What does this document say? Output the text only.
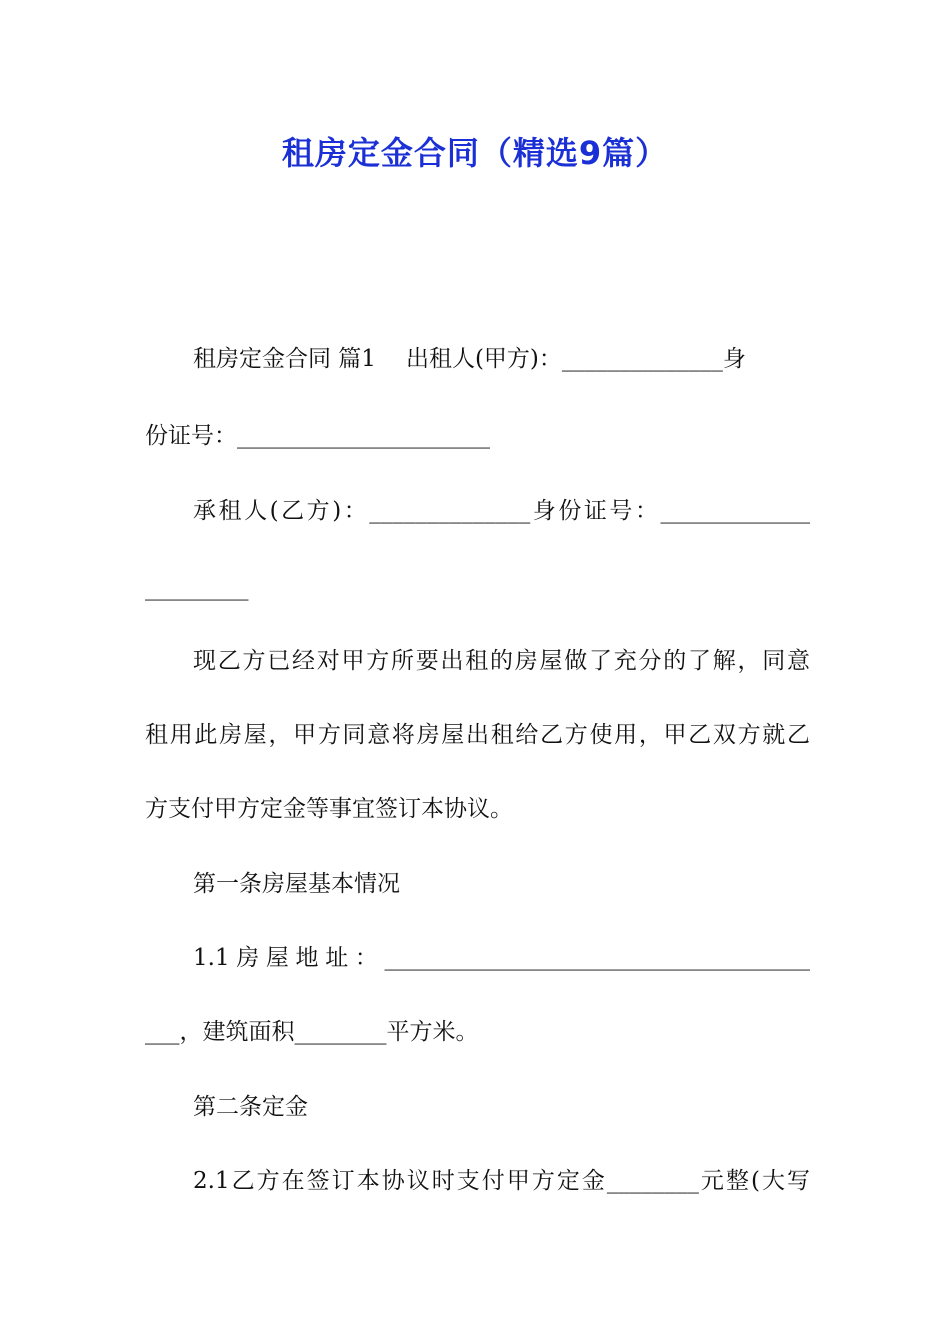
租房定金合同（精选9篇）

租房定金合同 篇1 出租人(甲方)：______________身

份证号：______________________

承租人(乙方)：______________身份证号：_____________

_________

现乙方已经对甲方所要出租的房屋做了充分的了解，同意

租用此房屋，甲方同意将房屋出租给乙方使用，甲乙双方就乙

方支付甲方定金等事宜签订本协议。

第一条房屋基本情况

1.1房屋地址：_____________________________________

___，建筑面积________平方米。

第二条定金

2.1乙方在签订本协议时支付甲方定金________元整(大写
